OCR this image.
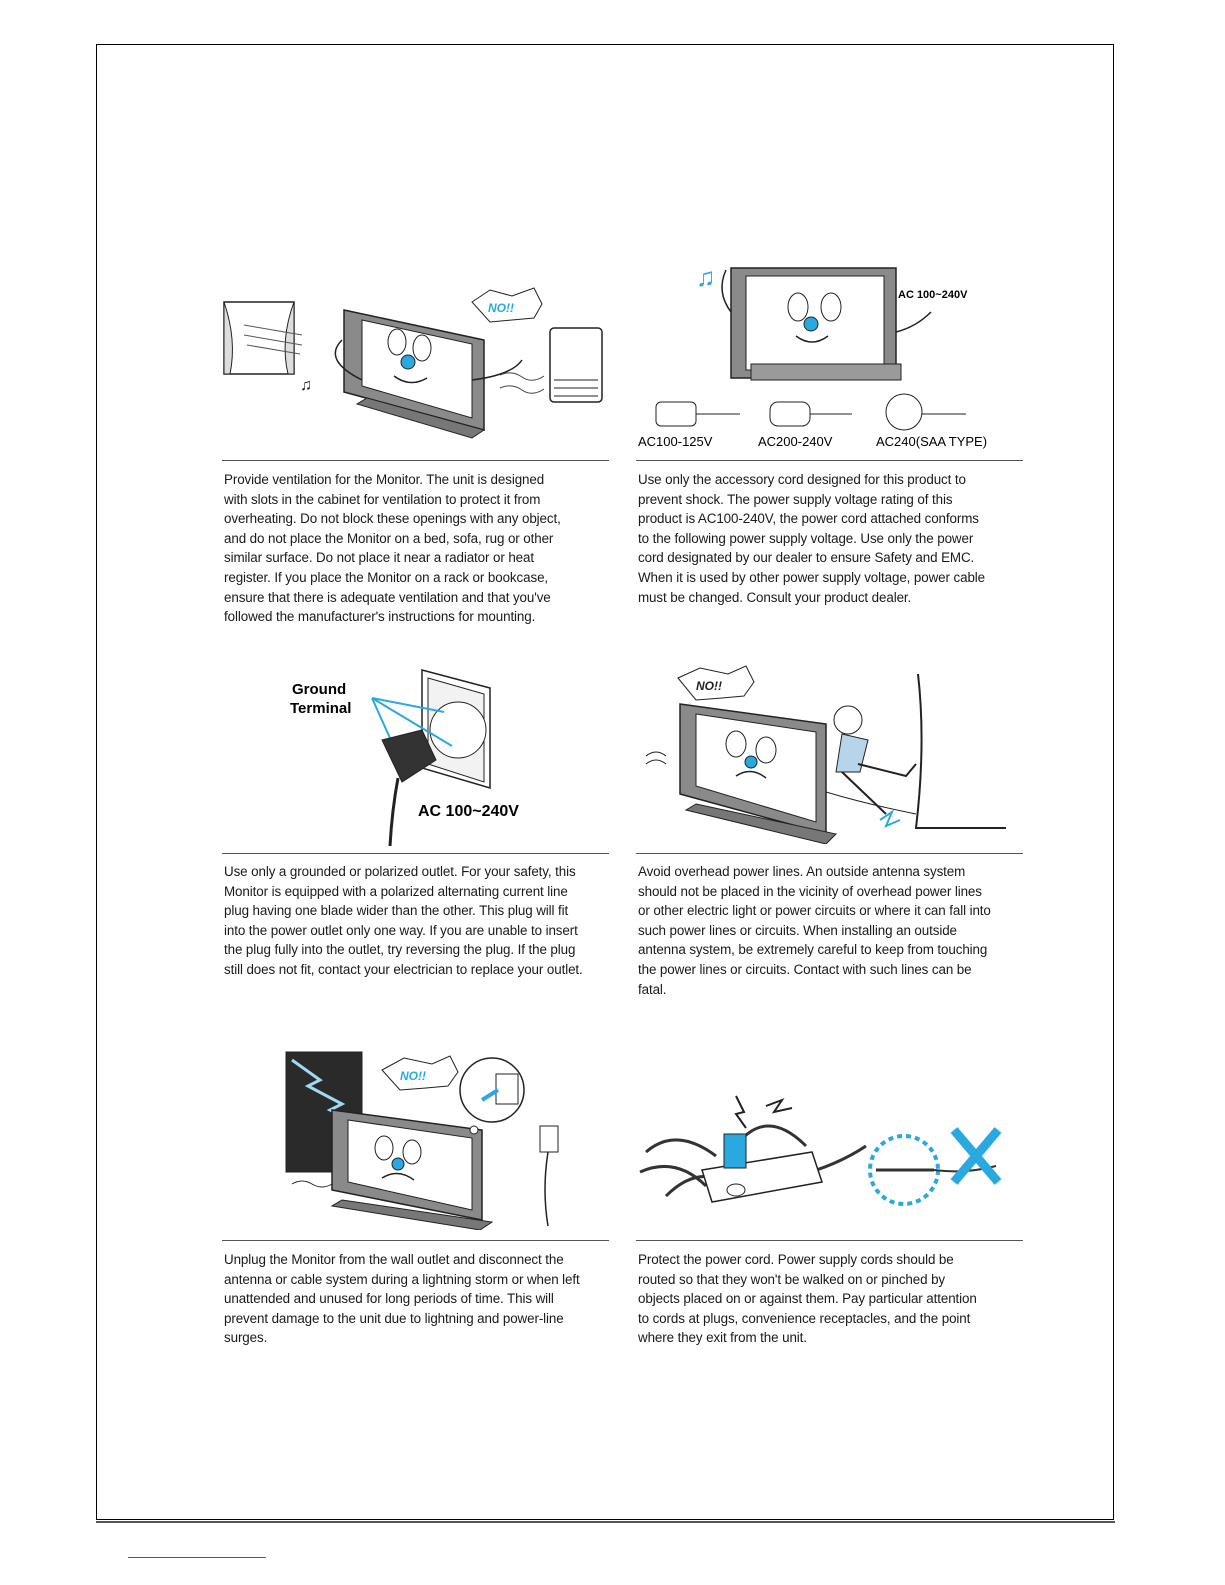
♫
NO!!

Provide ventilation for the Monitor. The unit is designed
with slots in the cabinet for ventilation to protect it from
overheating. Do not block these openings with any object,
and do not place the Monitor on a bed, sofa, rug or other
similar surface. Do not place it near a radiator or heat
register. If you place the Monitor on a rack or bookcase,
ensure that there is adequate ventilation and that you've
followed the manufacturer's instructions for mounting.

♫
AC 100~240V
AC100-125V	AC200-240V	AC240(SAA TYPE)

Use only the accessory cord designed for this product to
prevent shock. The power supply voltage rating of this
product is AC100-240V, the power cord attached conforms
to the following power supply voltage. Use only the power
cord designated by our dealer to ensure Safety and EMC.
When it is used by other power supply voltage, power cable
must be changed. Consult your product dealer.

Ground
Terminal
AC 100~240V

Use only a grounded or polarized outlet. For your safety, this
Monitor is equipped with a polarized alternating current line
plug having one blade wider than the other. This plug will fit
into the power outlet only one way. If you are unable to insert
the plug fully into the outlet, try reversing the plug. If the plug
still does not fit, contact your electrician to replace your outlet.

NO!!

Avoid overhead power lines. An outside antenna system
should not be placed in the vicinity of overhead power lines
or other electric light or power circuits or where it can fall into
such power lines or circuits. When installing an outside
antenna system, be extremely careful to keep from touching
the power lines or circuits. Contact with such lines can be
fatal.

NO!!

Unplug the Monitor from the wall outlet and disconnect the
antenna or cable system during a lightning storm or when left
unattended and unused for long periods of time. This will
prevent damage to the unit due to lightning and power-line
surges.

Protect the power cord. Power supply cords should be
routed so that they won't be walked on or pinched by
objects placed on or against them. Pay particular attention
to cords at plugs, convenience receptacles, and the point
where they exit from the unit.
